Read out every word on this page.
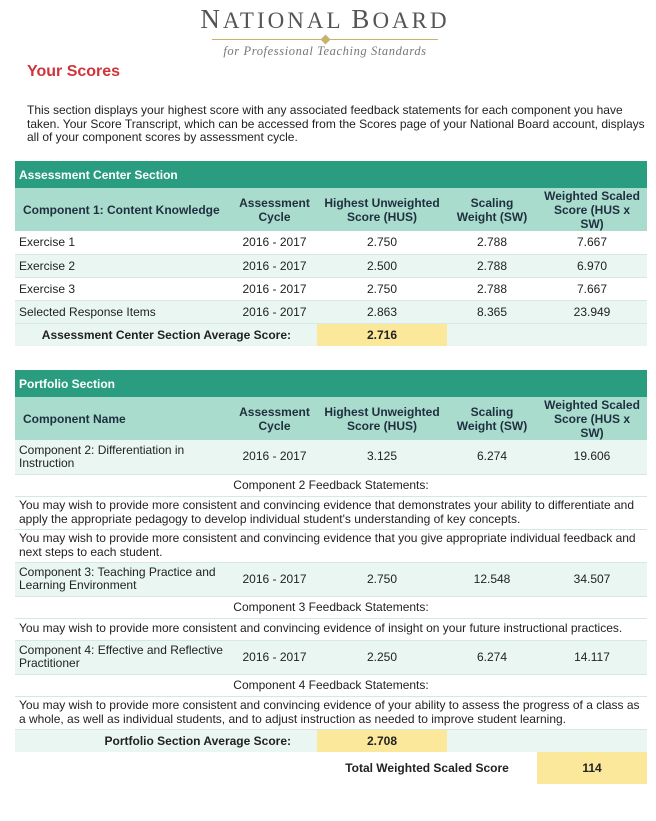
NATIONAL BOARD
for Professional Teaching Standards
Your Scores
This section displays your highest score with any associated feedback statements for each component you have taken. Your Score Transcript, which can be accessed from the Scores page of your National Board account, displays all of your component scores by assessment cycle.
Assessment Center Section				
Component 1: Content Knowledge	Assessment Cycle	Highest Unweighted Score (HUS)	Scaling Weight (SW)	Weighted Scaled Score (HUS x SW)
Exercise 1	2016 - 2017	2.750	2.788	7.667
Exercise 2	2016 - 2017	2.500	2.788	6.970
Exercise 3	2016 - 2017	2.750	2.788	7.667
Selected Response Items	2016 - 2017	2.863	8.365	23.949
Assessment Center Section Average Score:		2.716		
Portfolio Section				
Component Name	Assessment Cycle	Highest Unweighted Score (HUS)	Scaling Weight (SW)	Weighted Scaled Score (HUS x SW)
Component 2: Differentiation in Instruction	2016 - 2017	3.125	6.274	19.606
Component 2 Feedback Statements:				
You may wish to provide more consistent and convincing evidence that demonstrates your ability to differentiate and apply the appropriate pedagogy to develop individual student's understanding of key concepts.				
You may wish to provide more consistent and convincing evidence that you give appropriate individual feedback and next steps to each student.				
Component 3: Teaching Practice and Learning Environment	2016 - 2017	2.750	12.548	34.507
Component 3 Feedback Statements:				
You may wish to provide more consistent and convincing evidence of insight on your future instructional practices.				
Component 4: Effective and Reflective Practitioner	2016 - 2017	2.250	6.274	14.117
Component 4 Feedback Statements:				
You may wish to provide more consistent and convincing evidence of your ability to assess the progress of a class as a whole, as well as individual students, and to adjust instruction as needed to improve student learning.				
Portfolio Section Average Score:		2.708		
		Total Weighted Scaled Score		114
